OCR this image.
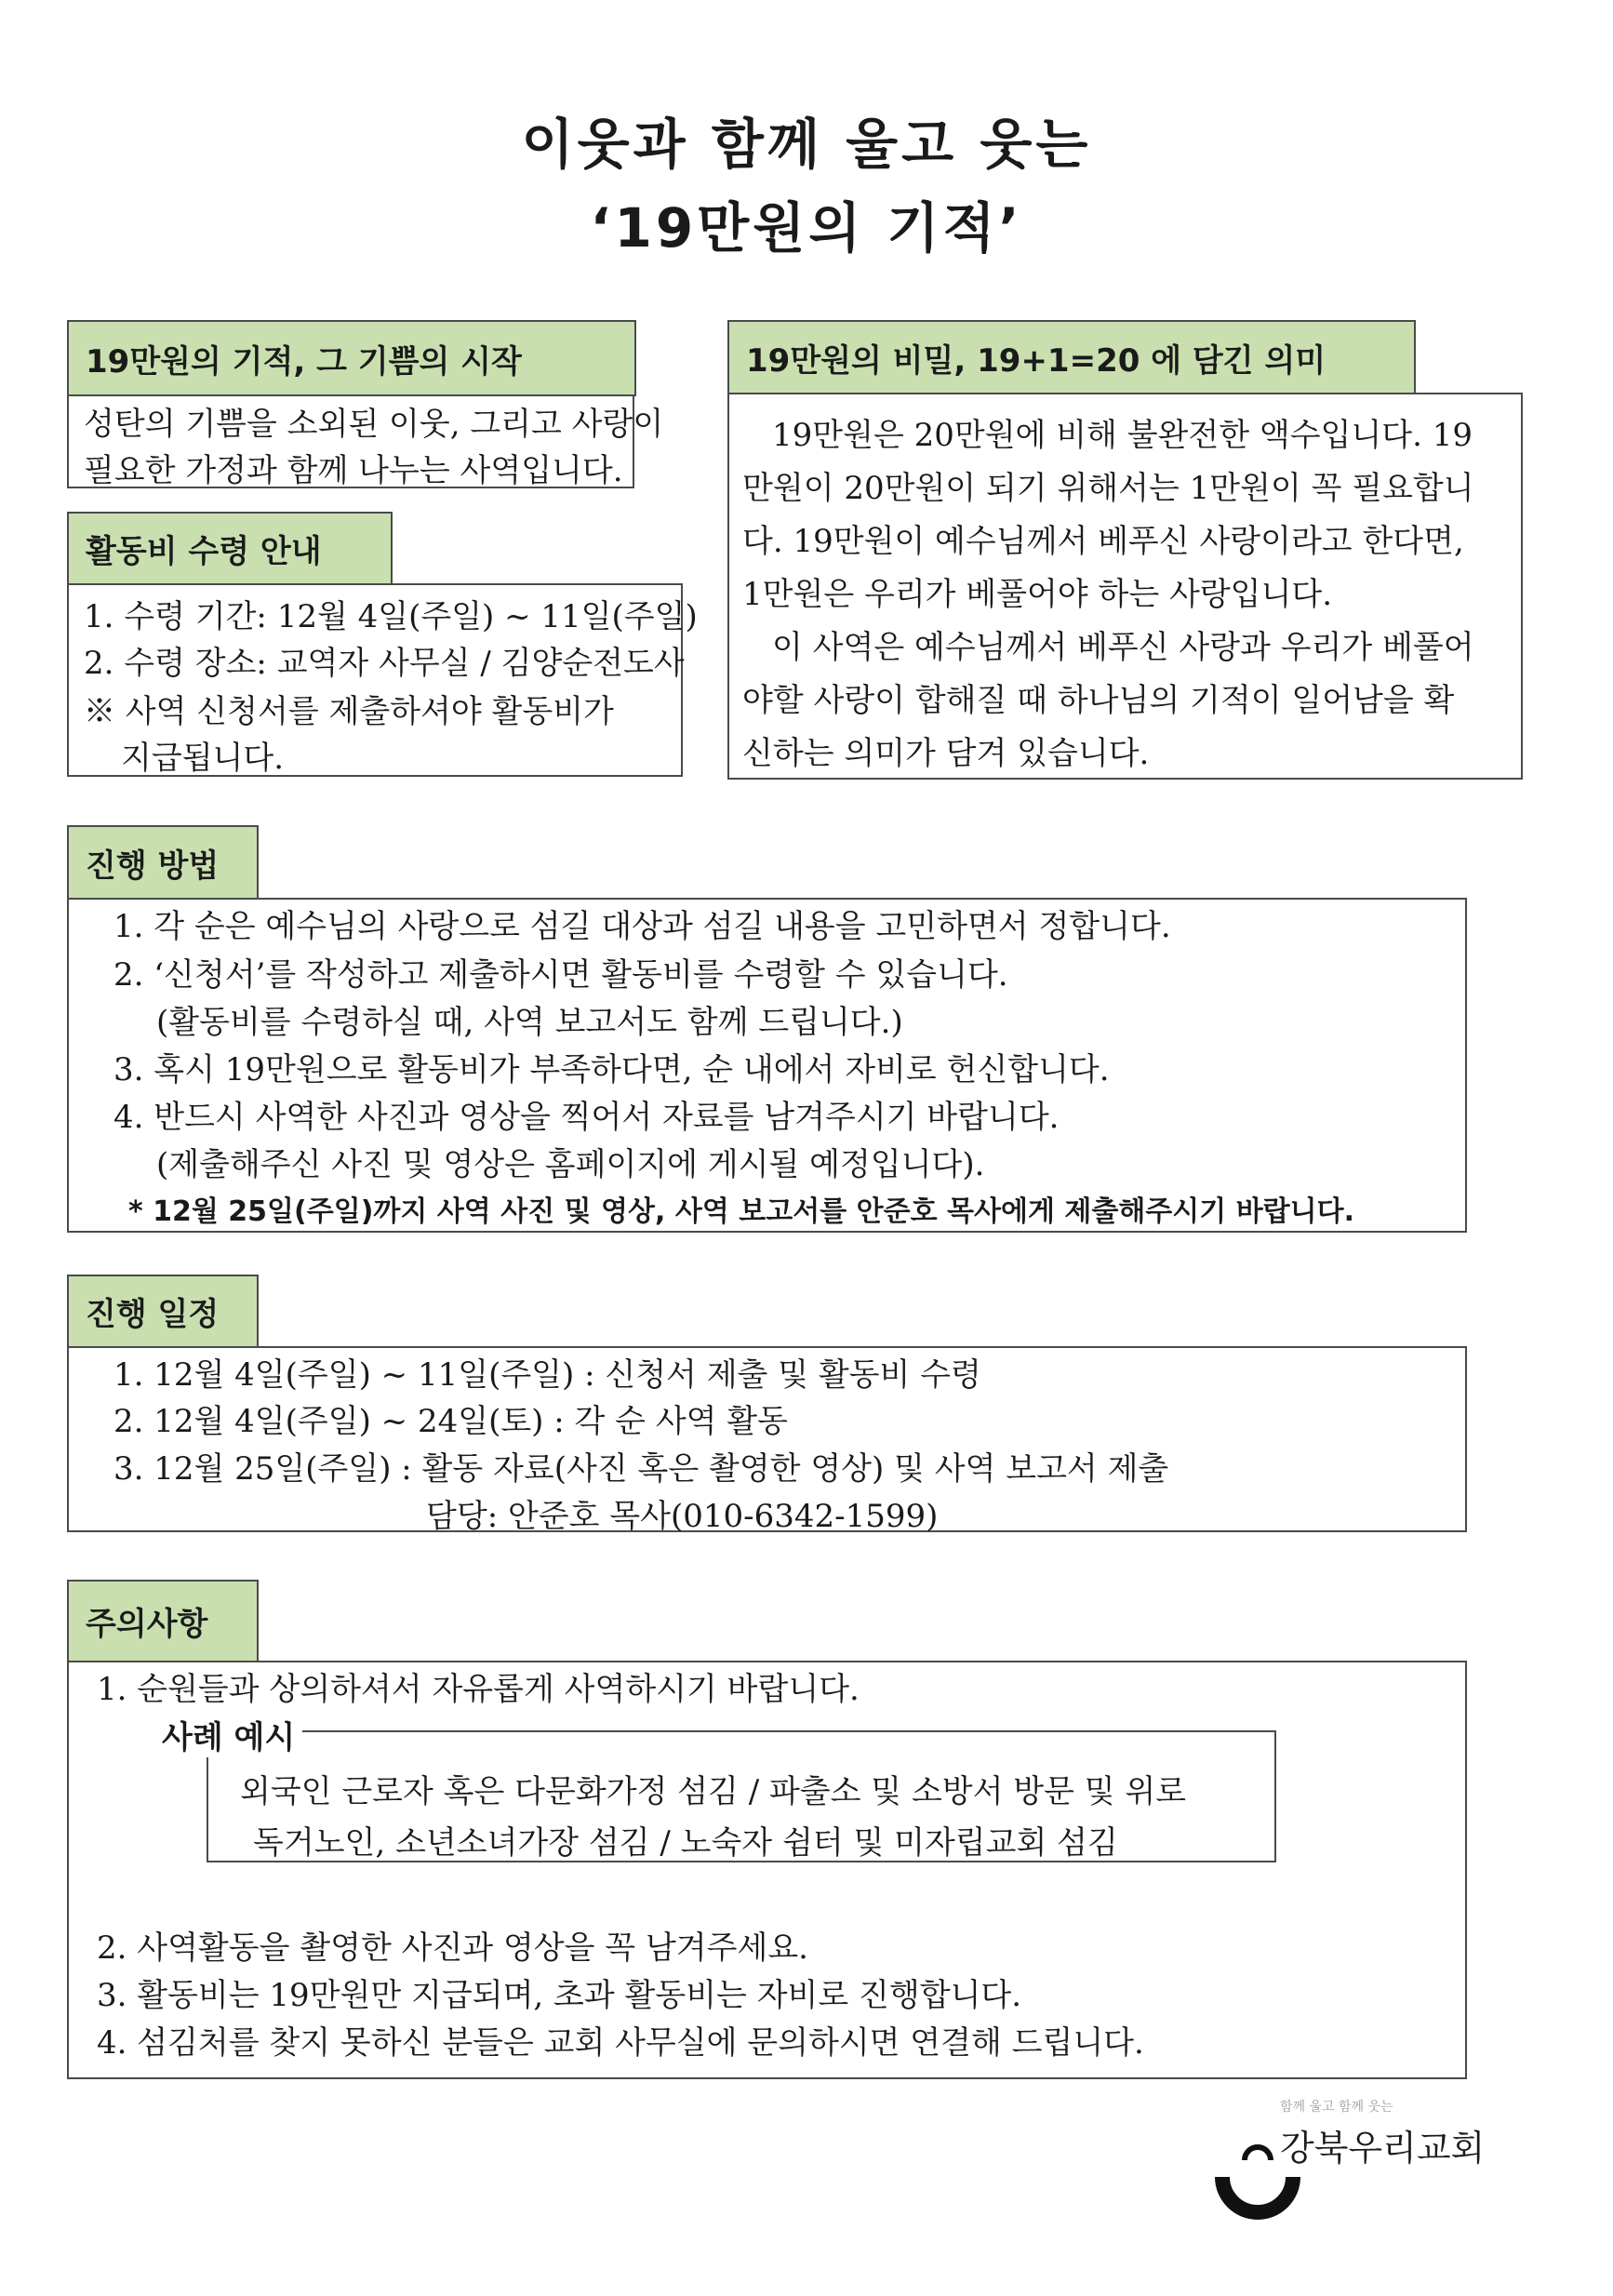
이웃과 함께 울고 웃는
‘19만원의 기적’
19만원의 기적, 그 기쁨의 시작
성탄의 기쁨을 소외된 이웃, 그리고 사랑이
필요한 가정과 함께 나누는 사역입니다.
활동비 수령 안내
1. 수령 기간: 12월 4일(주일) ~ 11일(주일)
2. 수령 장소: 교역자 사무실 / 김양순전도사
※ 사역 신청서를 제출하셔야 활동비가
지급됩니다.
19만원의 비밀, 19+1=20 에 담긴 의미
19만원은 20만원에 비해 불완전한 액수입니다. 19
만원이 20만원이 되기 위해서는 1만원이 꼭 필요합니
다. 19만원이 예수님께서 베푸신 사랑이라고 한다면,
1만원은 우리가 베풀어야 하는 사랑입니다.
이 사역은 예수님께서 베푸신 사랑과 우리가 베풀어
야할 사랑이 합해질 때 하나님의 기적이 일어남을 확
신하는 의미가 담겨 있습니다.
진행 방법
1. 각 순은 예수님의 사랑으로 섬길 대상과 섬길 내용을 고민하면서 정합니다.
2. ‘신청서’를 작성하고 제출하시면 활동비를 수령할 수 있습니다.
(활동비를 수령하실 때, 사역 보고서도 함께 드립니다.)
3. 혹시 19만원으로 활동비가 부족하다면, 순 내에서 자비로 헌신합니다.
4. 반드시 사역한 사진과 영상을 찍어서 자료를 남겨주시기 바랍니다.
(제출해주신 사진 및 영상은 홈페이지에 게시될 예정입니다).
* 12월 25일(주일)까지 사역 사진 및 영상, 사역 보고서를 안준호 목사에게 제출해주시기 바랍니다.
진행 일정
1. 12월 4일(주일) ~ 11일(주일) : 신청서 제출 및 활동비 수령
2. 12월 4일(주일) ~ 24일(토) : 각 순 사역 활동
3. 12월 25일(주일) : 활동 자료(사진 혹은 촬영한 영상) 및 사역 보고서 제출
담당: 안준호 목사(010-6342-1599)
주의사항
1. 순원들과 상의하셔서 자유롭게 사역하시기 바랍니다.
사례 예시
외국인 근로자 혹은 다문화가정 섬김 / 파출소 및 소방서 방문 및 위로
독거노인, 소년소녀가장 섬김 / 노숙자 쉼터 및 미자립교회 섬김
2. 사역활동을 촬영한 사진과 영상을 꼭 남겨주세요.
3. 활동비는 19만원만 지급되며, 초과 활동비는 자비로 진행합니다.
4. 섬김처를 찾지 못하신 분들은 교회 사무실에 문의하시면 연결해 드립니다.
함께 울고 함께 웃는
강북우리교회
